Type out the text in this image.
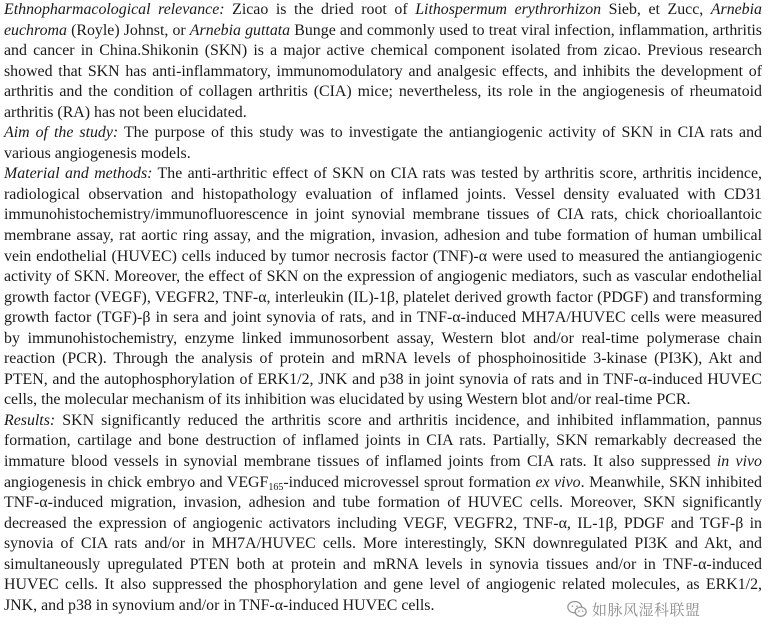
Ethnopharmacological relevance: Zicao is the dried root of Lithospermum erythrorhizon Sieb, et Zucc, Arnebia euchroma (Royle) Johnst, or Arnebia guttata Bunge and commonly used to treat viral infection, inflammation, arthritis and cancer in China.Shikonin (SKN) is a major active chemical component isolated from zicao. Previous research showed that SKN has anti-inflammatory, immunomodulatory and analgesic effects, and inhibits the development of arthritis and the condition of collagen arthritis (CIA) mice; nevertheless, its role in the angiogenesis of rheumatoid arthritis (RA) has not been elucidated.

Aim of the study: The purpose of this study was to investigate the antiangiogenic activity of SKN in CIA rats and various angiogenesis models.

Material and methods: The anti-arthritic effect of SKN on CIA rats was tested by arthritis score, arthritis incidence, radiological observation and histopathology evaluation of inflamed joints. Vessel density evaluated with CD31 immunohistochemistry/immunofluorescence in joint synovial membrane tissues of CIA rats, chick chorioallantoic membrane assay, rat aortic ring assay, and the migration, invasion, adhesion and tube formation of human umbilical vein endothelial (HUVEC) cells induced by tumor necrosis factor (TNF)-α were used to measured the antiangiogenic activity of SKN. Moreover, the effect of SKN on the expression of angiogenic mediators, such as vascular endothelial growth factor (VEGF), VEGFR2, TNF-α, interleukin (IL)-1β, platelet derived growth factor (PDGF) and transforming growth factor (TGF)-β in sera and joint synovia of rats, and in TNF-α-induced MH7A/HUVEC cells were measured by immunohistochemistry, enzyme linked immunosorbent assay, Western blot and/or real-time polymerase chain reaction (PCR). Through the analysis of protein and mRNA levels of phosphoinositide 3-kinase (PI3K), Akt and PTEN, and the autophosphorylation of ERK1/2, JNK and p38 in joint synovia of rats and in TNF-α-induced HUVEC cells, the molecular mechanism of its inhibition was elucidated by using Western blot and/or real-time PCR.

Results: SKN significantly reduced the arthritis score and arthritis incidence, and inhibited inflammation, pannus formation, cartilage and bone destruction of inflamed joints in CIA rats. Partially, SKN remarkably decreased the immature blood vessels in synovial membrane tissues of inflamed joints from CIA rats. It also suppressed in vivo angiogenesis in chick embryo and $VEGF_{165}$-induced microvessel sprout formation ex vivo. Meanwhile, SKN inhibited TNF-α-induced migration, invasion, adhesion and tube formation of HUVEC cells. Moreover, SKN significantly decreased the expression of angiogenic activators including VEGF, VEGFR2, TNF-α, IL-1β, PDGF and TGF-β in synovia of CIA rats and/or in MH7A/HUVEC cells. More interestingly, SKN downregulated PI3K and Akt, and simultaneously upregulated PTEN both at protein and mRNA levels in synovia tissues and/or in TNF-α-induced HUVEC cells. It also suppressed the phosphorylation and gene level of angiogenic related molecules, as ERK1/2, JNK, and p38 in synovium and/or in TNF-α-induced HUVEC cells.	如脉风湿科联盟
